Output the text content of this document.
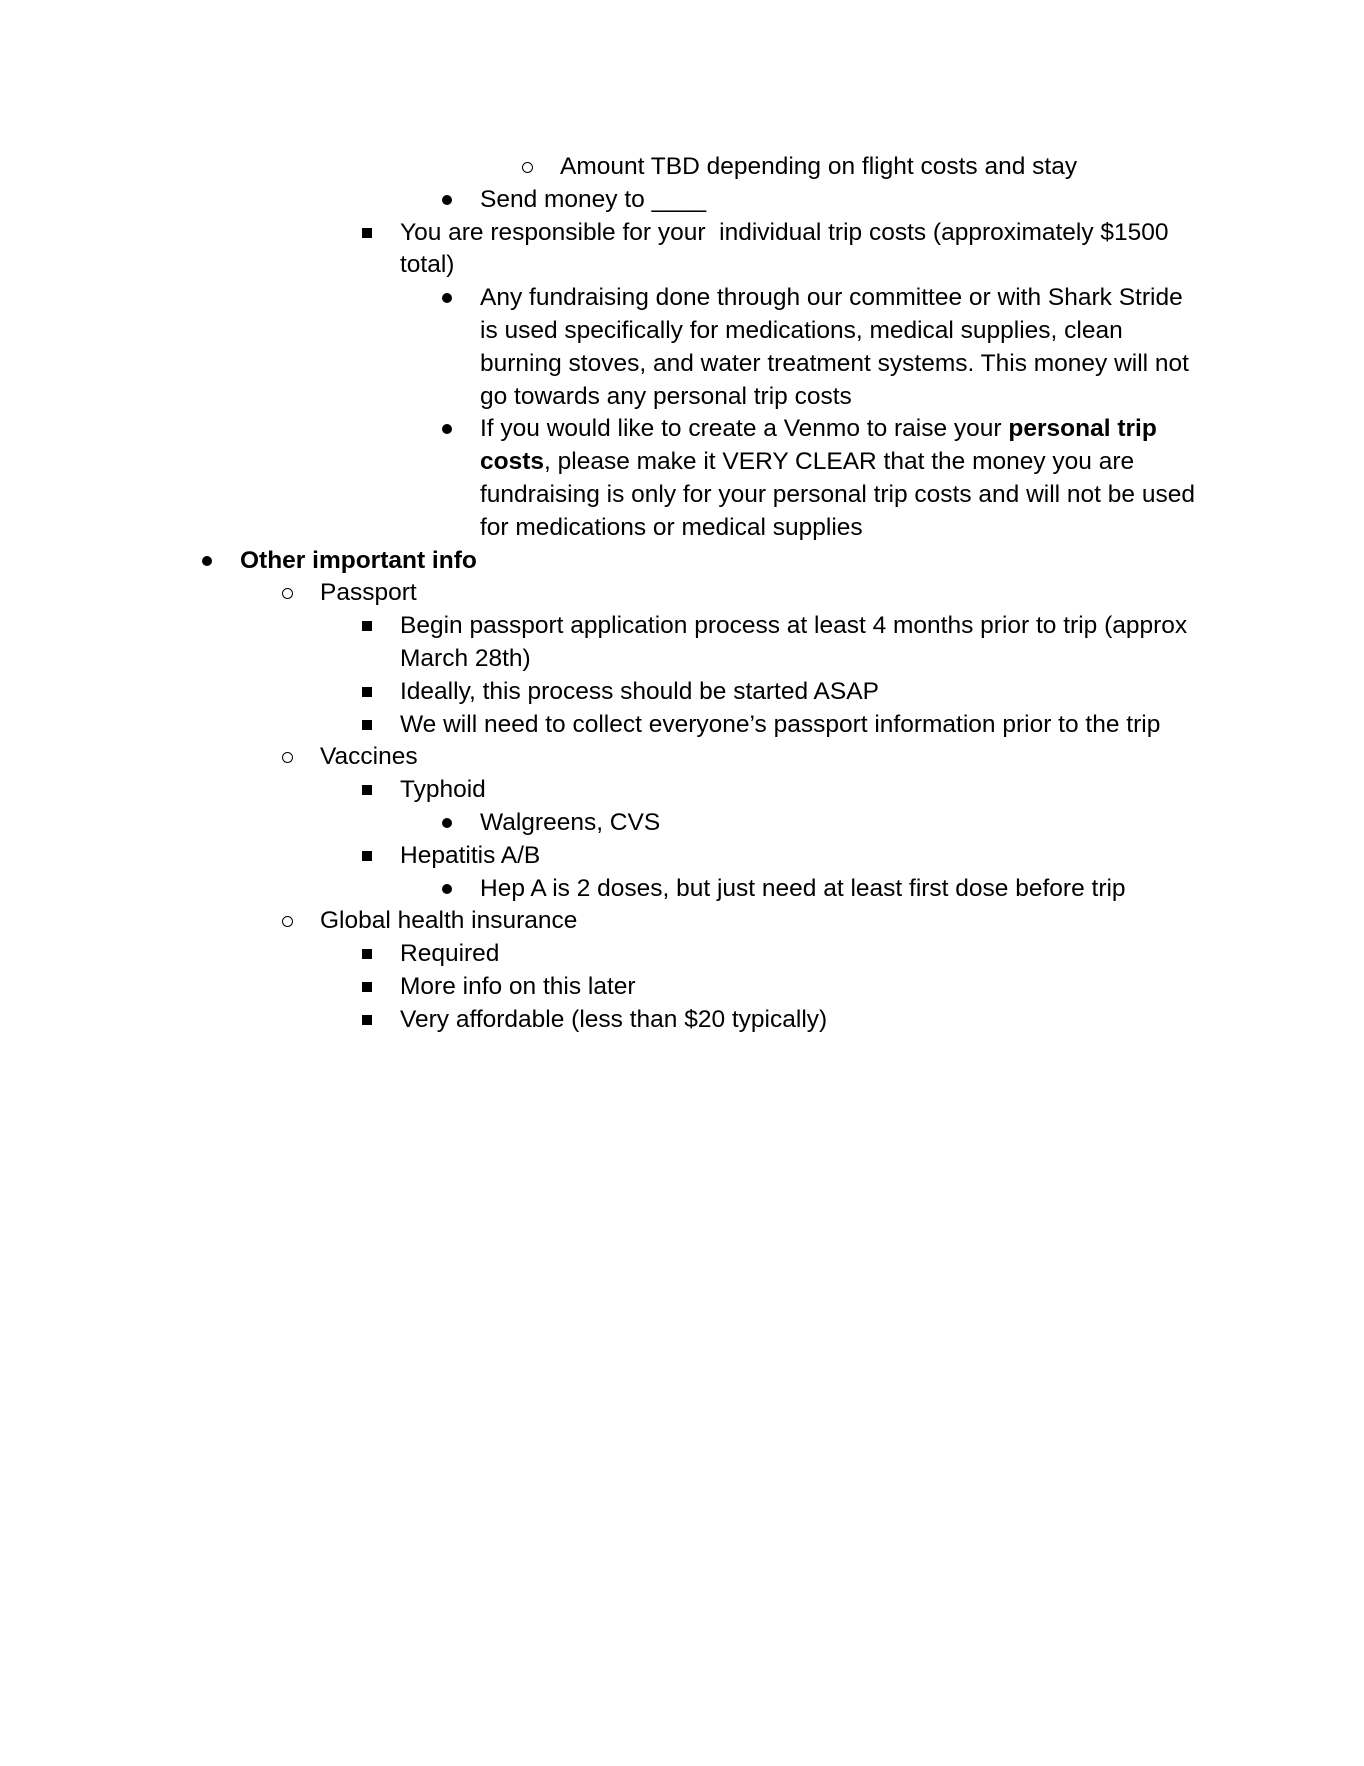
Amount TBD depending on flight costs and stay
Send money to ____
You are responsible for your  individual trip costs (approximately $1500 total)
Any fundraising done through our committee or with Shark Stride is used specifically for medications, medical supplies, clean burning stoves, and water treatment systems. This money will not go towards any personal trip costs
If you would like to create a Venmo to raise your personal trip costs, please make it VERY CLEAR that the money you are fundraising is only for your personal trip costs and will not be used for medications or medical supplies
Other important info
Passport
Begin passport application process at least 4 months prior to trip (approx March 28th)
Ideally, this process should be started ASAP
We will need to collect everyone’s passport information prior to the trip
Vaccines
Typhoid
Walgreens, CVS
Hepatitis A/B
Hep A is 2 doses, but just need at least first dose before trip
Global health insurance
Required
More info on this later
Very affordable (less than $20 typically)
